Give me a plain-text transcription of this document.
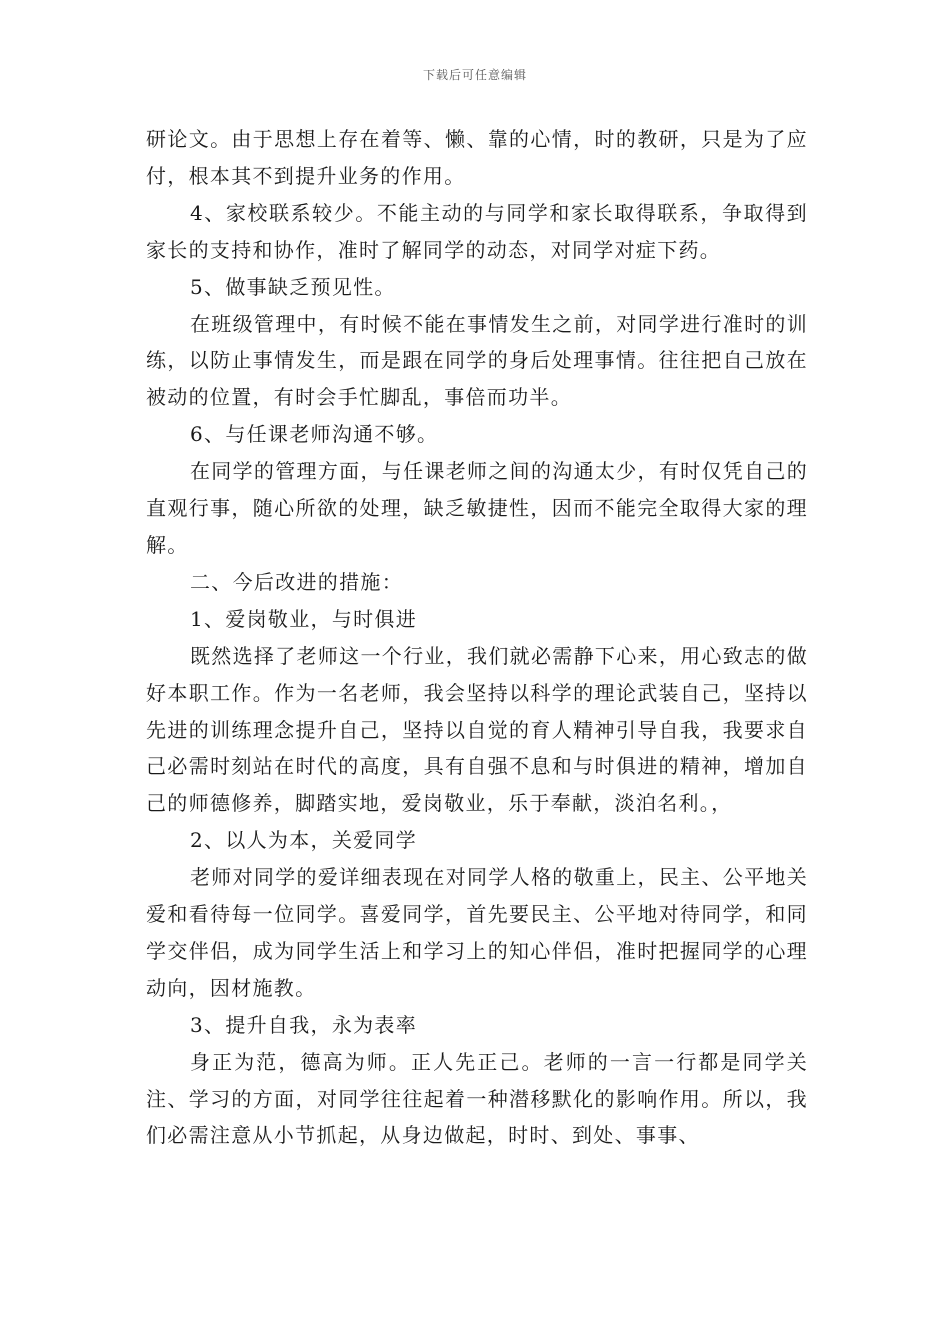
下载后可任意编辑

研论文。由于思想上存在着等、懒、靠的心情，时的教研，只是为了应付，根本其不到提升业务的作用。

4、家校联系较少。不能主动的与同学和家长取得联系，争取得到家长的支持和协作，准时了解同学的动态，对同学对症下药。

5、做事缺乏预见性。

在班级管理中，有时候不能在事情发生之前，对同学进行准时的训练，以防止事情发生，而是跟在同学的身后处理事情。往往把自己放在被动的位置，有时会手忙脚乱，事倍而功半。

6、与任课老师沟通不够。

在同学的管理方面，与任课老师之间的沟通太少，有时仅凭自己的直观行事，随心所欲的处理，缺乏敏捷性，因而不能完全取得大家的理解。

二、今后改进的措施：

1、爱岗敬业，与时俱进

既然选择了老师这一个行业，我们就必需静下心来，用心致志的做好本职工作。作为一名老师，我会坚持以科学的理论武装自己，坚持以先进的训练理念提升自己，坚持以自觉的育人精神引导自我，我要求自己必需时刻站在时代的高度，具有自强不息和与时俱进的精神，增加自己的师德修养，脚踏实地，爱岗敬业，乐于奉献，淡泊名利。，

2、以人为本，关爱同学

老师对同学的爱详细表现在对同学人格的敬重上，民主、公平地关爱和看待每一位同学。喜爱同学，首先要民主、公平地对待同学，和同学交伴侣，成为同学生活上和学习上的知心伴侣，准时把握同学的心理动向，因材施教。

3、提升自我，永为表率

身正为范，德高为师。正人先正己。老师的一言一行都是同学关注、学习的方面，对同学往往起着一种潜移默化的影响作用。所以，我们必需注意从小节抓起，从身边做起，时时、到处、事事、
